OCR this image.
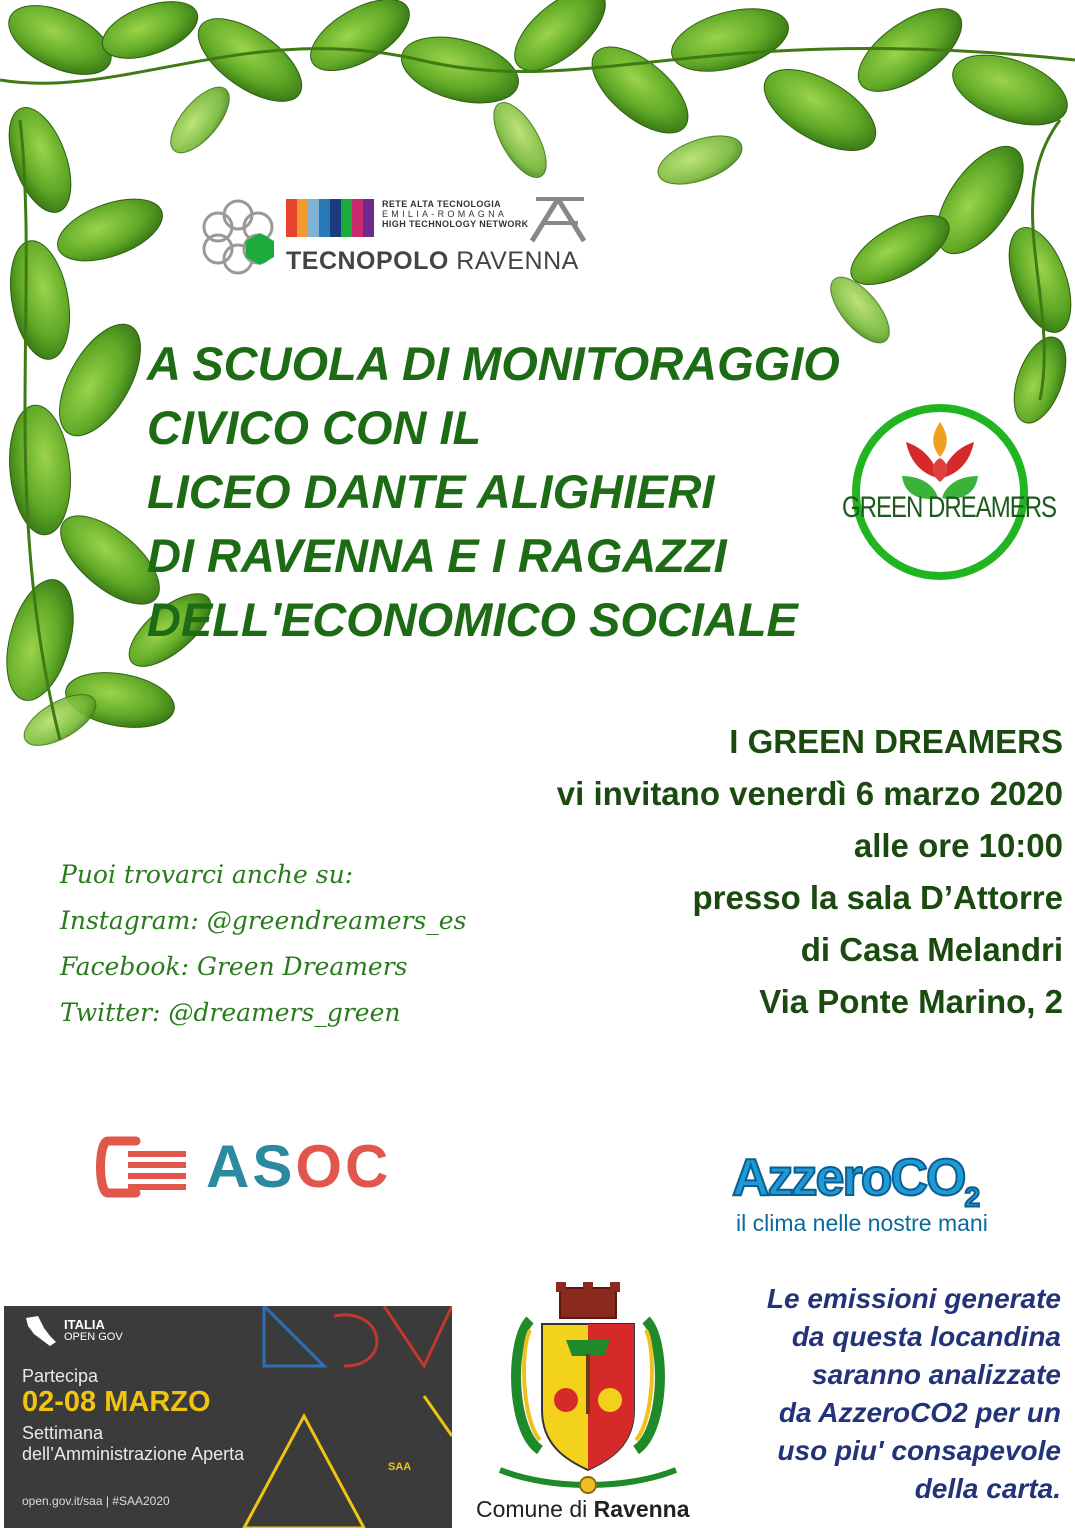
RETE ALTA TECNOLOGIA
EMILIA-ROMAGNA
HIGH TECHNOLOGY NETWORK
TECNOPOLO RAVENNA
A SCUOLA DI MONITORAGGIO
CIVICO CON IL
LICEO DANTE ALIGHIERI
DI RAVENNA E I RAGAZZI
DELL'ECONOMICO SOCIALE
GREEN DREAMERS
I GREEN DREAMERS
vi invitano venerdì 6 marzo 2020
alle ore 10:00
presso la sala D’Attorre
di Casa Melandri
Via Ponte Marino, 2
Puoi trovarci anche su:
Instagram: @greendreamers_es
Facebook: Green Dreamers
Twitter: @dreamers_green
ASOC	AzzeroCO$_2$
il clima nelle nostre mani
Le emissioni generate
da questa locandina
saranno analizzate
da AzzeroCO2 per un
uso piu' consapevole
della carta.
ITALIA
OPEN GOV
Partecipa
02-08 MARZO
Settimana
dell’Amministrazione Aperta
open.gov.it/saa | #SAA2020
SAA
Comune di Ravenna
